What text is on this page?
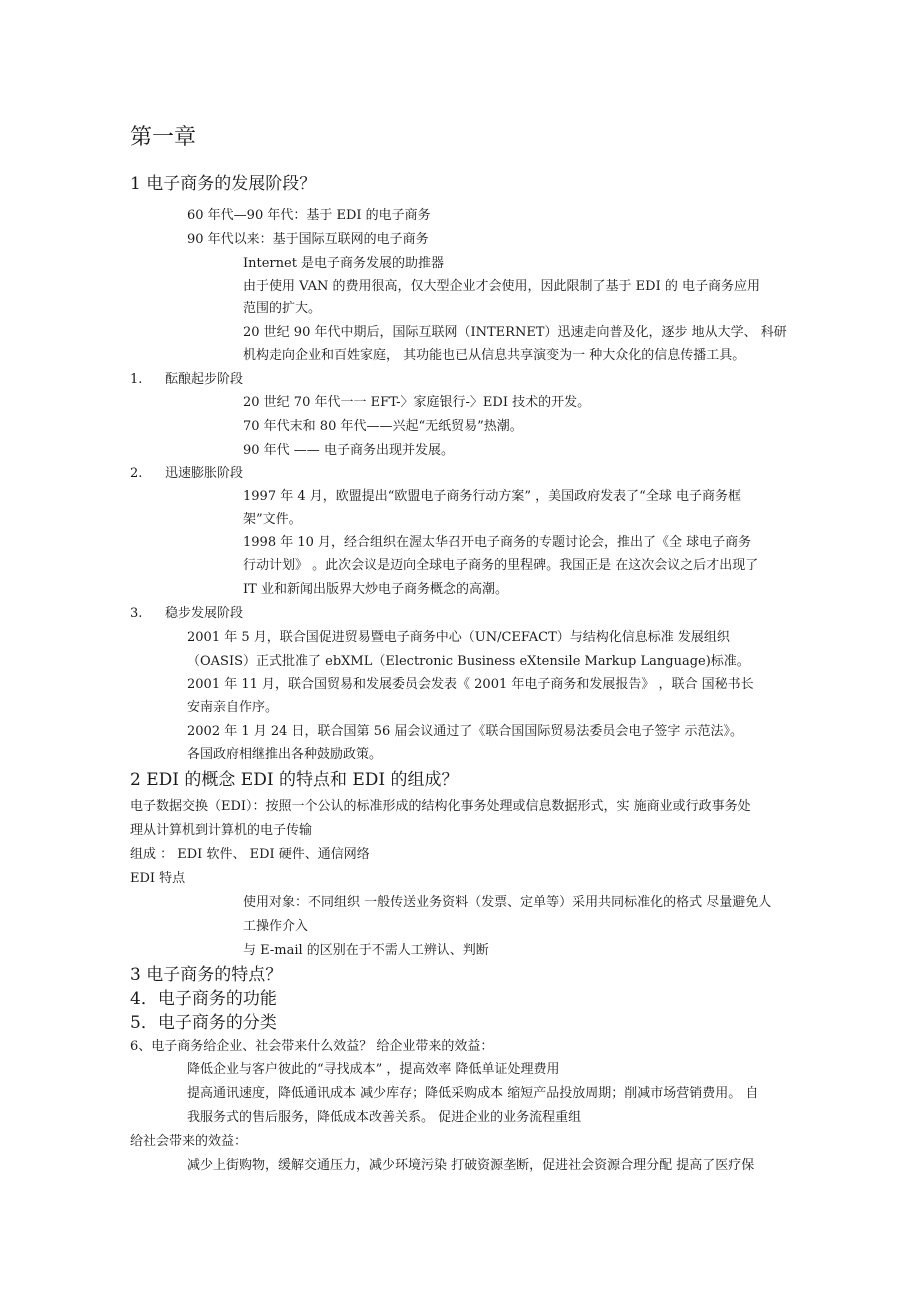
第一章
1 电子商务的发展阶段？
60 年代—90 年代：基于 EDI 的电子商务
90 年代以来：基于国际互联网的电子商务
Internet 是电子商务发展的助推器
由于使用 VAN 的费用很高，仅大型企业才会使用，因此限制了基于 EDI 的 电子商务应用
范围的扩大。
20 世纪 90 年代中期后，国际互联网（INTERNET）迅速走向普及化，逐步 地从大学、 科研
机构走向企业和百姓家庭， 其功能也已从信息共享演变为一 种大众化的信息传播工具。
1. 酝酿起步阶段
20 世纪 70 年代一一 EFT-〉家庭银行-〉EDI 技术的开发。
70 年代末和 80 年代——兴起“无纸贸易”热潮。
90 年代 —— 电子商务出现并发展。
2. 迅速膨胀阶段
1997 年 4 月，欧盟提出“欧盟电子商务行动方案” ，美国政府发表了“全球 电子商务框
架”文件。
1998 年 10 月，经合组织在渥太华召开电子商务的专题讨论会，推出了《全 球电子商务
行动计划》 。此次会议是迈向全球电子商务的里程碑。我国正是 在这次会议之后才出现了
IT 业和新闻出版界大炒电子商务概念的高潮。
3. 稳步发展阶段
2001 年 5 月，联合国促进贸易暨电子商务中心（UN/CEFACT）与结构化信息标准 发展组织
（OASIS）正式批准了 ebXML（Electronic Business eXtensile Markup Language)标准。
2001 年 11 月，联合国贸易和发展委员会发表《 2001 年电子商务和发展报告》 ，联合 国秘书长
安南亲自作序。
2002 年 1 月 24 日，联合国第 56 届会议通过了《联合国国际贸易法委员会电子签字 示范法》。
各国政府相继推出各种鼓励政策。
2 EDI 的概念 EDI 的特点和 EDI 的组成？
电子数据交换（EDI）：按照一个公认的标准形成的结构化事务处理或信息数据形式，实 施商业或行政事务处
理从计算机到计算机的电子传输
组成 ： EDI 软件、 EDI 硬件、通信网络
EDI 特点
使用对象：不同组织 一般传送业务资料（发票、定单等）采用共同标准化的格式 尽量避免人
工操作介入
与 E-mail 的区别在于不需人工辨认、判断
3 电子商务的特点？
4．电子商务的功能
5．电子商务的分类
6、电子商务给企业、社会带来什么效益？ 给企业带来的效益：
降低企业与客户彼此的“寻找成本” ，提高效率 降低单证处理费用
提高通讯速度，降低通讯成本 减少库存；降低采购成本 缩短产品投放周期；削减市场营销费用。 自
我服务式的售后服务，降低成本改善关系。 促进企业的业务流程重组
给社会带来的效益：
减少上街购物，缓解交通压力，减少环境污染 打破资源垄断，促进社会资源合理分配 提高了医疗保
